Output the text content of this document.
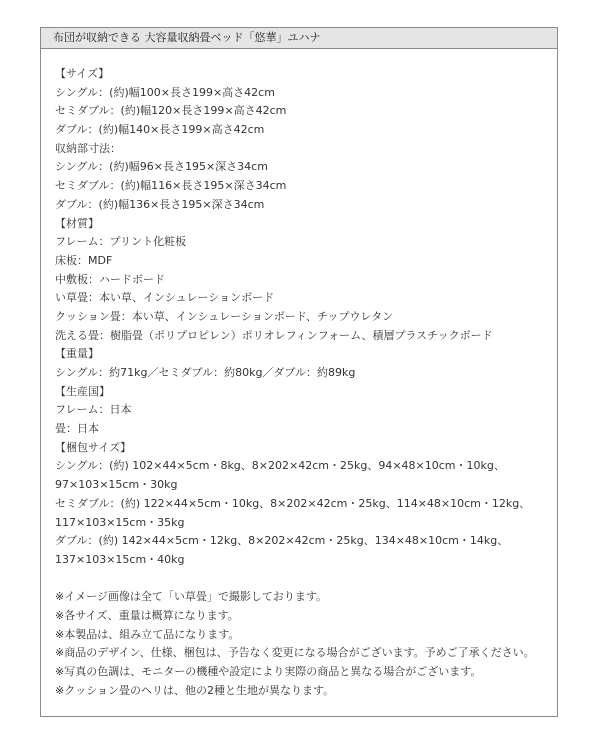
布団が収納できる 大容量収納畳ベッド「悠華」ユハナ
【サイズ】
シングル：(約)幅100×長さ199×高さ42cm
セミダブル：(約)幅120×長さ199×高さ42cm
ダブル：(約)幅140×長さ199×高さ42cm
収納部寸法：
シングル：(約)幅96×長さ195×深さ34cm
セミダブル：(約)幅116×長さ195×深さ34cm
ダブル：(約)幅136×長さ195×深さ34cm
【材質】
フレーム：プリント化粧板
床板：MDF
中敷板：ハードボード
い草畳：本い草、インシュレーションボード
クッション畳：本い草、インシュレーションボード、チップウレタン
洗える畳：樹脂畳（ポリプロピレン）ポリオレフィンフォーム、積層プラスチックボード
【重量】
シングル：約71kg／セミダブル：約80kg／ダブル：約89kg
【生産国】
フレーム：日本
畳：日本
【梱包サイズ】
シングル：(約) 102×44×5cm・8kg、8×202×42cm・25kg、94×48×10cm・10kg、
97×103×15cm・30kg
セミダブル：(約) 122×44×5cm・10kg、8×202×42cm・25kg、114×48×10cm・12kg、
117×103×15cm・35kg
ダブル：(約) 142×44×5cm・12kg、8×202×42cm・25kg、134×48×10cm・14kg、
137×103×15cm・40kg
※イメージ画像は全て「い草畳」で撮影しております。
※各サイズ、重量は概算になります。
※本製品は、組み立て品になります。
※商品のデザイン、仕様、梱包は、予告なく変更になる場合がございます。予めご了承ください。
※写真の色調は、モニターの機種や設定により実際の商品と異なる場合がございます。
※クッション畳のヘリは、他の2種と生地が異なります。
